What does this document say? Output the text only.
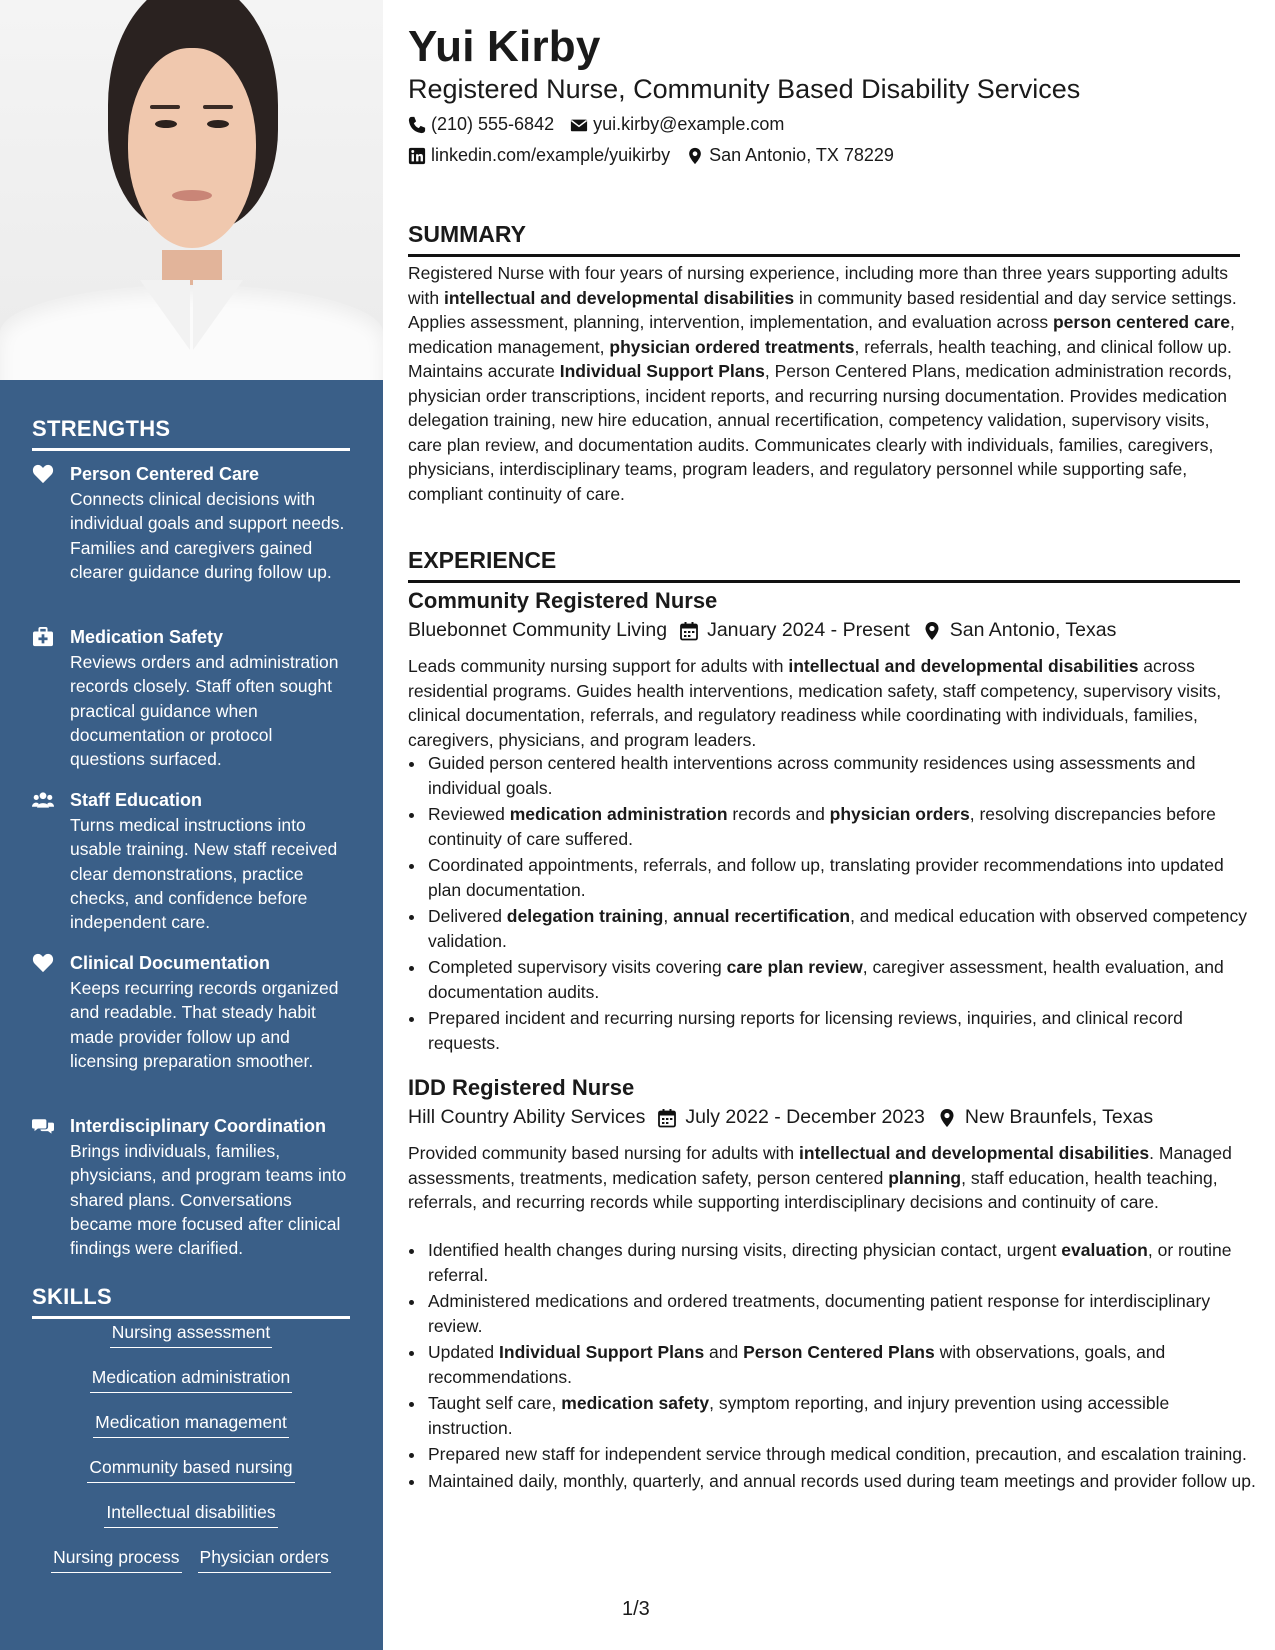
STRENGTHS
Person Centered Care
Connects clinical decisions with individual goals and support needs. Families and caregivers gained clearer guidance during follow up.
Medication Safety
Reviews orders and administration records closely. Staff often sought practical guidance when documentation or protocol questions surfaced.
Staff Education
Turns medical instructions into usable training. New staff received clear demonstrations, practice checks, and confidence before independent care.
Clinical Documentation
Keeps recurring records organized and readable. That steady habit made provider follow up and licensing preparation smoother.
Interdisciplinary Coordination
Brings individuals, families, physicians, and program teams into shared plans. Conversations became more focused after clinical findings were clarified.
SKILLS
Nursing assessment
Medication administration
Medication management
Community based nursing
Intellectual disabilities
Nursing process Physician orders
Yui Kirby
Registered Nurse, Community Based Disability Services
(210) 555-6842 yui.kirby@example.com
linkedin.com/example/yuikirby San Antonio, TX 78229
SUMMARY
Registered Nurse with four years of nursing experience, including more than three years supporting adults with intellectual and developmental disabilities in community based residential and day service settings. Applies assessment, planning, intervention, implementation, and evaluation across person centered care, medication management, physician ordered treatments, referrals, health teaching, and clinical follow up. Maintains accurate Individual Support Plans, Person Centered Plans, medication administration records, physician order transcriptions, incident reports, and recurring nursing documentation. Provides medication delegation training, new hire education, annual recertification, competency validation, supervisory visits, care plan review, and documentation audits. Communicates clearly with individuals, families, caregivers, physicians, interdisciplinary teams, program leaders, and regulatory personnel while supporting safe, compliant continuity of care.
EXPERIENCE
Community Registered Nurse
Bluebonnet Community Living January 2024 - Present San Antonio, Texas
Leads community nursing support for adults with intellectual and developmental disabilities across residential programs. Guides health interventions, medication safety, staff competency, supervisory visits, clinical documentation, referrals, and regulatory readiness while coordinating with individuals, families, caregivers, physicians, and program leaders.
• Guided person centered health interventions across community residences using assessments and individual goals.
• Reviewed medication administration records and physician orders, resolving discrepancies before continuity of care suffered.
• Coordinated appointments, referrals, and follow up, translating provider recommendations into updated plan documentation.
• Delivered delegation training, annual recertification, and medical education with observed competency validation.
• Completed supervisory visits covering care plan review, caregiver assessment, health evaluation, and documentation audits.
• Prepared incident and recurring nursing reports for licensing reviews, inquiries, and clinical record requests.
IDD Registered Nurse
Hill Country Ability Services July 2022 - December 2023 New Braunfels, Texas
Provided community based nursing for adults with intellectual and developmental disabilities. Managed assessments, treatments, medication safety, person centered planning, staff education, health teaching, referrals, and recurring records while supporting interdisciplinary decisions and continuity of care.
• Identified health changes during nursing visits, directing physician contact, urgent evaluation, or routine referral.
• Administered medications and ordered treatments, documenting patient response for interdisciplinary review.
• Updated Individual Support Plans and Person Centered Plans with observations, goals, and recommendations.
• Taught self care, medication safety, symptom reporting, and injury prevention using accessible instruction.
• Prepared new staff for independent service through medical condition, precaution, and escalation training.
• Maintained daily, monthly, quarterly, and annual records used during team meetings and provider follow up.
1/3
